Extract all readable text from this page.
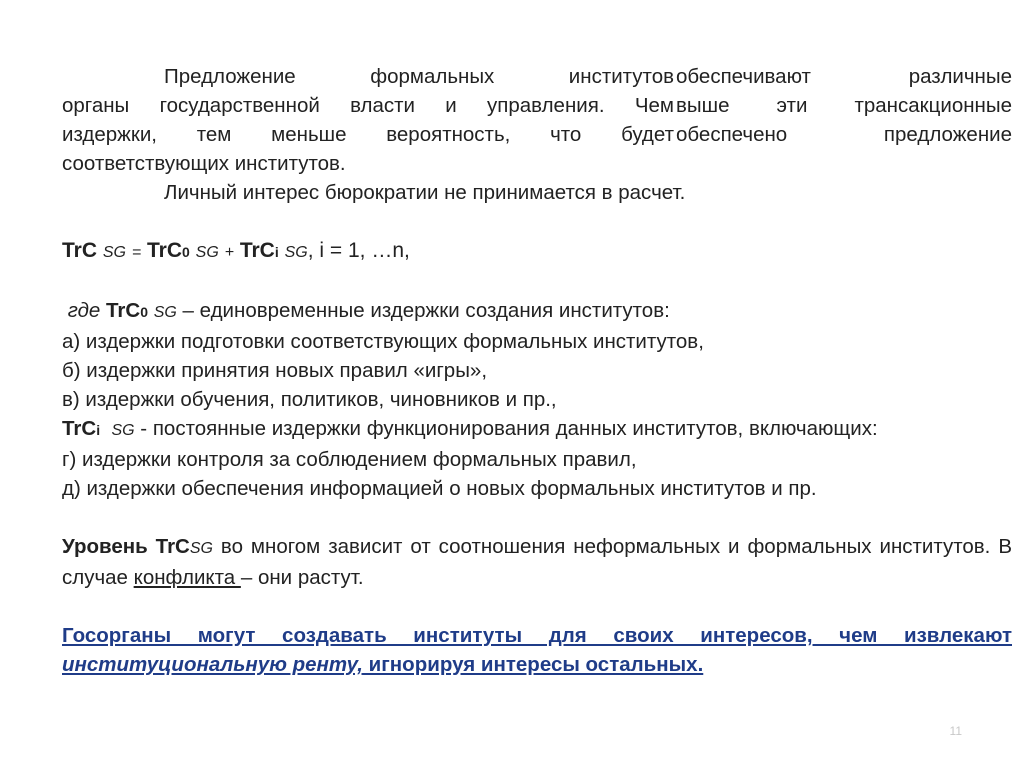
Предложение формальных институтов
органы государственной власти и управления. Чем
издержки, тем меньше вероятность, что будет
соответствующих институтов.
обеспечивают различные
выше эти трансакционные
обеспечено предложение
Личный интерес бюрократии не принимается в расчет.
TrC SG = TrC0 SG + TrCi SG, i = 1, …n,
где TrC0 SG – единовременные издержки создания институтов:
а) издержки подготовки соответствующих формальных институтов,
б) издержки принятия новых правил «игры»,
в) издержки обучения, политиков, чиновников и пр.,
TrCi SG - постоянные издержки функционирования данных институтов, включающих:
г) издержки контроля за соблюдением формальных правил,
д) издержки обеспечения информацией о новых формальных институтов и пр.
Уровень TrCSG во многом зависит от соотношения неформальных и формальных институтов. В случае конфликта – они растут.
Госорганы могут создавать институты для своих интересов, чем извлекают институциональную ренту, игнорируя интересы остальных.
11
